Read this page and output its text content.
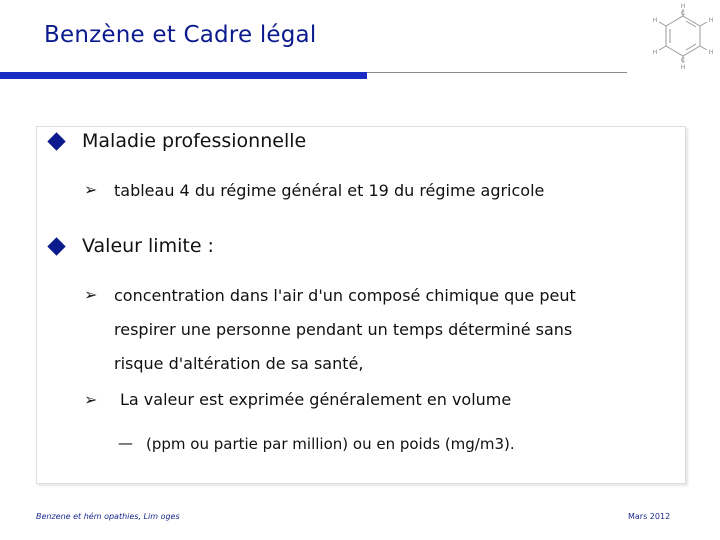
Benzène et Cadre légal
H
H
H
H
H
H
C
C
Maladie professionnelle
➢ tableau 4 du régime général et 19 du régime agricole
Valeur limite :
➢ concentration dans l'air d'un composé chimique que peut
respirer une personne pendant un temps déterminé sans
risque d'altération de sa santé,
➢ La valeur est exprimée généralement en volume
— (ppm ou partie par million) ou en poids (mg/m3).
Benzene et hém opathies, Lim oges	Mars 2012
